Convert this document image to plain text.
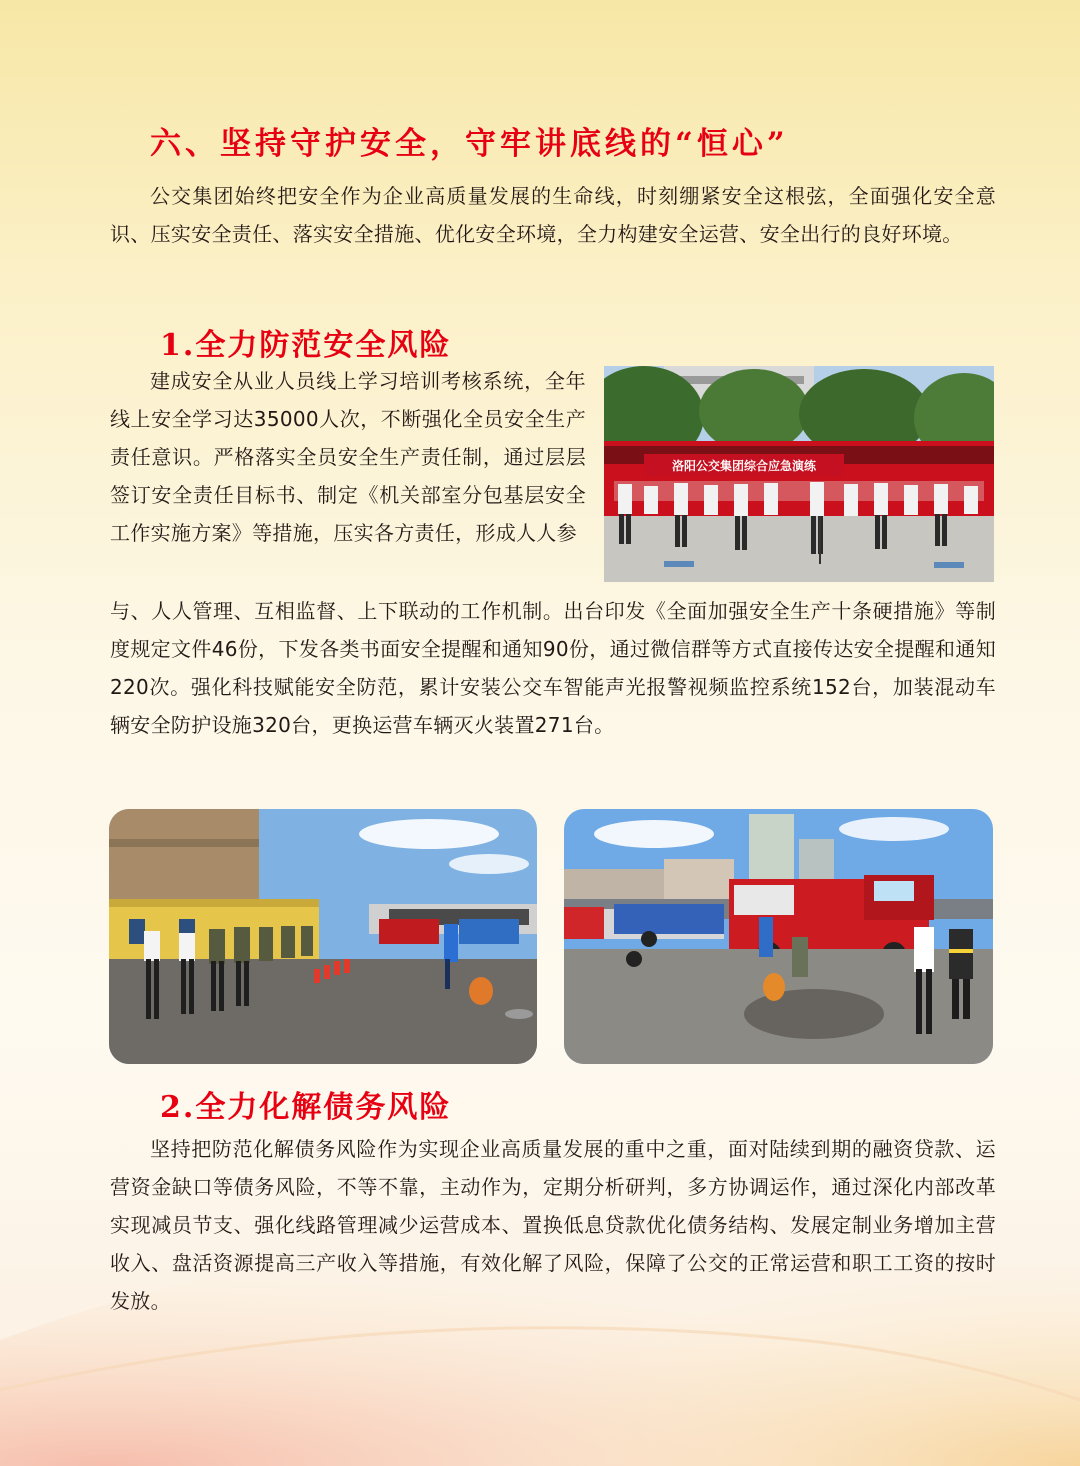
六、坚持守护安全，守牢讲底线的“恒心”
公交集团始终把安全作为企业高质量发展的生命线，时刻绷紧安全这根弦，全面强化安全意识、压实安全责任、落实安全措施、优化安全环境，全力构建安全运营、安全出行的良好环境。
1.全力防范安全风险
建成安全从业人员线上学习培训考核系统，全年线上安全学习达35000人次，不断强化全员安全生产责任意识。严格落实全员安全生产责任制，通过层层签订安全责任目标书、制定《机关部室分包基层安全工作实施方案》等措施，压实各方责任，形成人人参
洛阳公交集团综合应急演练
与、人人管理、互相监督、上下联动的工作机制。出台印发《全面加强安全生产十条硬措施》等制度规定文件46份，下发各类书面安全提醒和通知90份，通过微信群等方式直接传达安全提醒和通知220次。强化科技赋能安全防范，累计安装公交车智能声光报警视频监控系统152台，加装混动车辆安全防护设施320台，更换运营车辆灭火装置271台。
2.全力化解债务风险
坚持把防范化解债务风险作为实现企业高质量发展的重中之重，面对陆续到期的融资贷款、运营资金缺口等债务风险，不等不靠，主动作为，定期分析研判，多方协调运作，通过深化内部改革实现减员节支、强化线路管理减少运营成本、置换低息贷款优化债务结构、发展定制业务增加主营收入、盘活资源提高三产收入等措施，有效化解了风险，保障了公交的正常运营和职工工资的按时发放。
